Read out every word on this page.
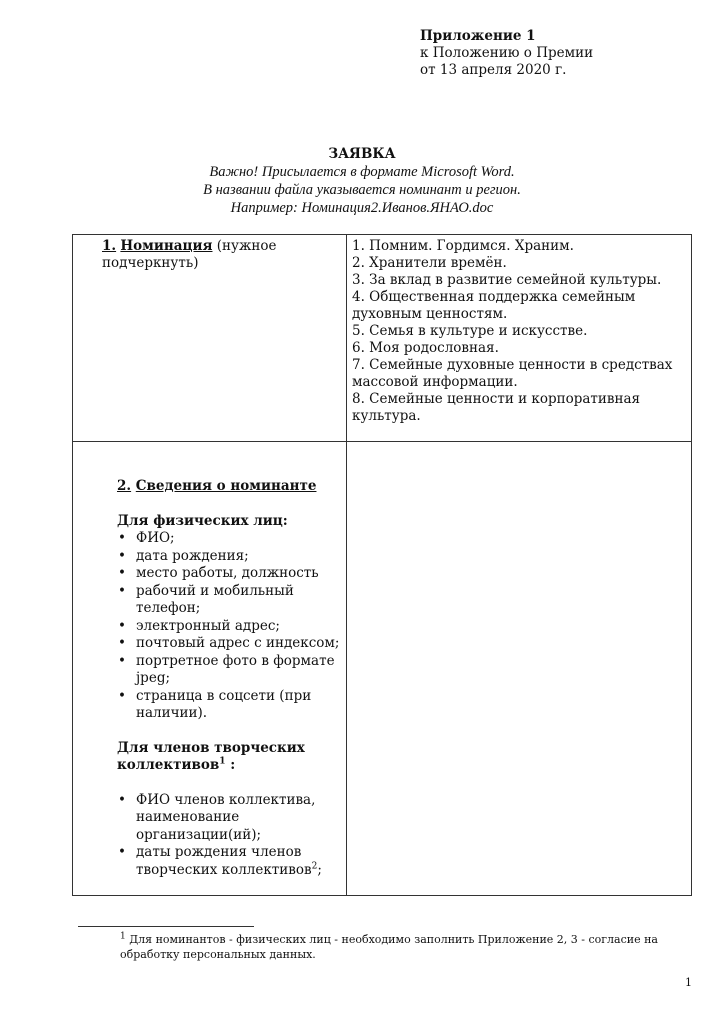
Приложение 1
к Положению о Премии
от 13 апреля 2020 г.
ЗАЯВКА
Важно! Присылается в формате Microsoft Word.
В названии файла указывается номинант и регион.
Например: Номинация2.Иванов.ЯНАО.doc
1. Номинация (нужное подчеркнуть)
1. Помним. Гордимся. Храним.
2. Хранители времён.
3. За вклад в развитие семейной культуры.
4. Общественная поддержка семейным духовным ценностям.
5. Семья в культуре и искусстве.
6. Моя родословная.
7. Семейные духовные ценности в средствах массовой информации.
8. Семейные ценности и корпоративная культура.
2. Сведения о номинанте
Для физических лиц:
• ФИО;
• дата рождения;
• место работы, должность
• рабочий и мобильный телефон;
• электронный адрес;
• почтовый адрес с индексом;
• портретное фото в формате jpeg;
• страница в соцсети (при наличии).
Для членов творческих коллективов$^1$ :
• ФИО членов коллектива, наименование организации(ий);
• даты рождения членов творческих коллективов$^2$;
$^1$ Для номинантов - физических лиц - необходимо заполнить Приложение 2, 3 - согласие на обработку персональных данных.
1
